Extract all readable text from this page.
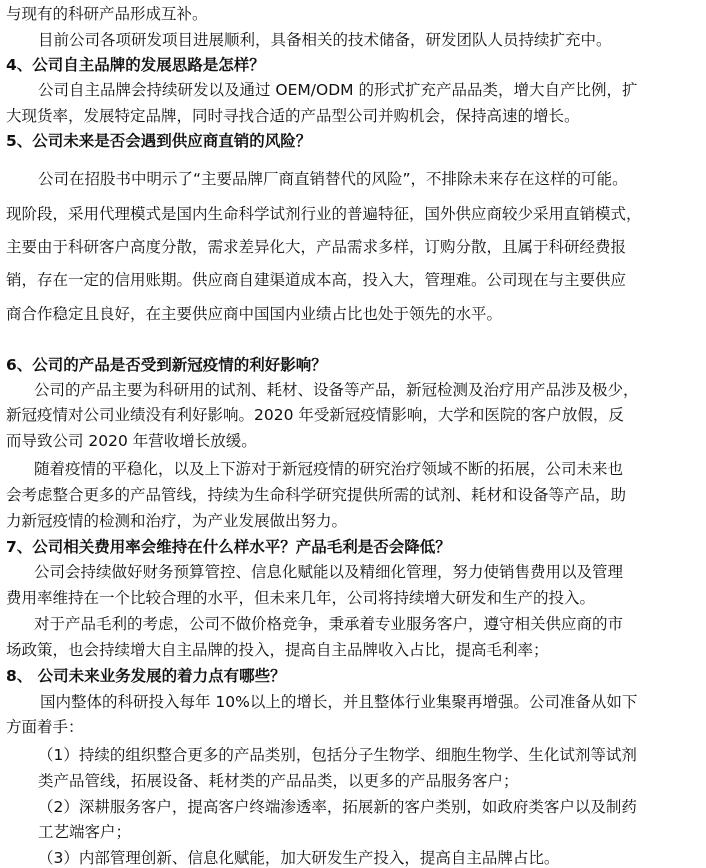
与现有的科研产品形成互补。
目前公司各项研发项目进展顺利，具备相关的技术储备，研发团队人员持续扩充中。
4、公司自主品牌的发展思路是怎样？
公司自主品牌会持续研发以及通过 OEM/ODM 的形式扩充产品品类，增大自产比例，扩
大现货率，发展特定品牌，同时寻找合适的产品型公司并购机会，保持高速的增长。
5、公司未来是否会遇到供应商直销的风险？
公司在招股书中明示了“主要品牌厂商直销替代的风险”，不排除未来存在这样的可能。
现阶段，采用代理模式是国内生命科学试剂行业的普遍特征，国外供应商较少采用直销模式，
主要由于科研客户高度分散，需求差异化大，产品需求多样，订购分散，且属于科研经费报
销，存在一定的信用账期。供应商自建渠道成本高，投入大，管理难。公司现在与主要供应
商合作稳定且良好，在主要供应商中国国内业绩占比也处于领先的水平。
6、公司的产品是否受到新冠疫情的利好影响？
公司的产品主要为科研用的试剂、耗材、设备等产品，新冠检测及治疗用产品涉及极少，
新冠疫情对公司业绩没有利好影响。2020 年受新冠疫情影响，大学和医院的客户放假，反
而导致公司 2020 年营收增长放缓。
随着疫情的平稳化，以及上下游对于新冠疫情的研究治疗领域不断的拓展，公司未来也
会考虑整合更多的产品管线，持续为生命科学研究提供所需的试剂、耗材和设备等产品，助
力新冠疫情的检测和治疗，为产业发展做出努力。
7、公司相关费用率会维持在什么样水平？产品毛利是否会降低？
公司会持续做好财务预算管控、信息化赋能以及精细化管理，努力使销售费用以及管理
费用率维持在一个比较合理的水平，但未来几年，公司将持续增大研发和生产的投入。
对于产品毛利的考虑，公司不做价格竞争，秉承着专业服务客户，遵守相关供应商的市
场政策，也会持续增大自主品牌的投入，提高自主品牌收入占比，提高毛利率；
8、 公司未来业务发展的着力点有哪些？
国内整体的科研投入每年 10%以上的增长，并且整体行业集聚再增强。公司准备从如下
方面着手：
（1）持续的组织整合更多的产品类别，包括分子生物学、细胞生物学、生化试剂等试剂
类产品管线，拓展设备、耗材类的产品品类，以更多的产品服务客户；
（2）深耕服务客户，提高客户终端渗透率，拓展新的客户类别，如政府类客户以及制药
工艺端客户；
（3）内部管理创新、信息化赋能，加大研发生产投入，提高自主品牌占比。
